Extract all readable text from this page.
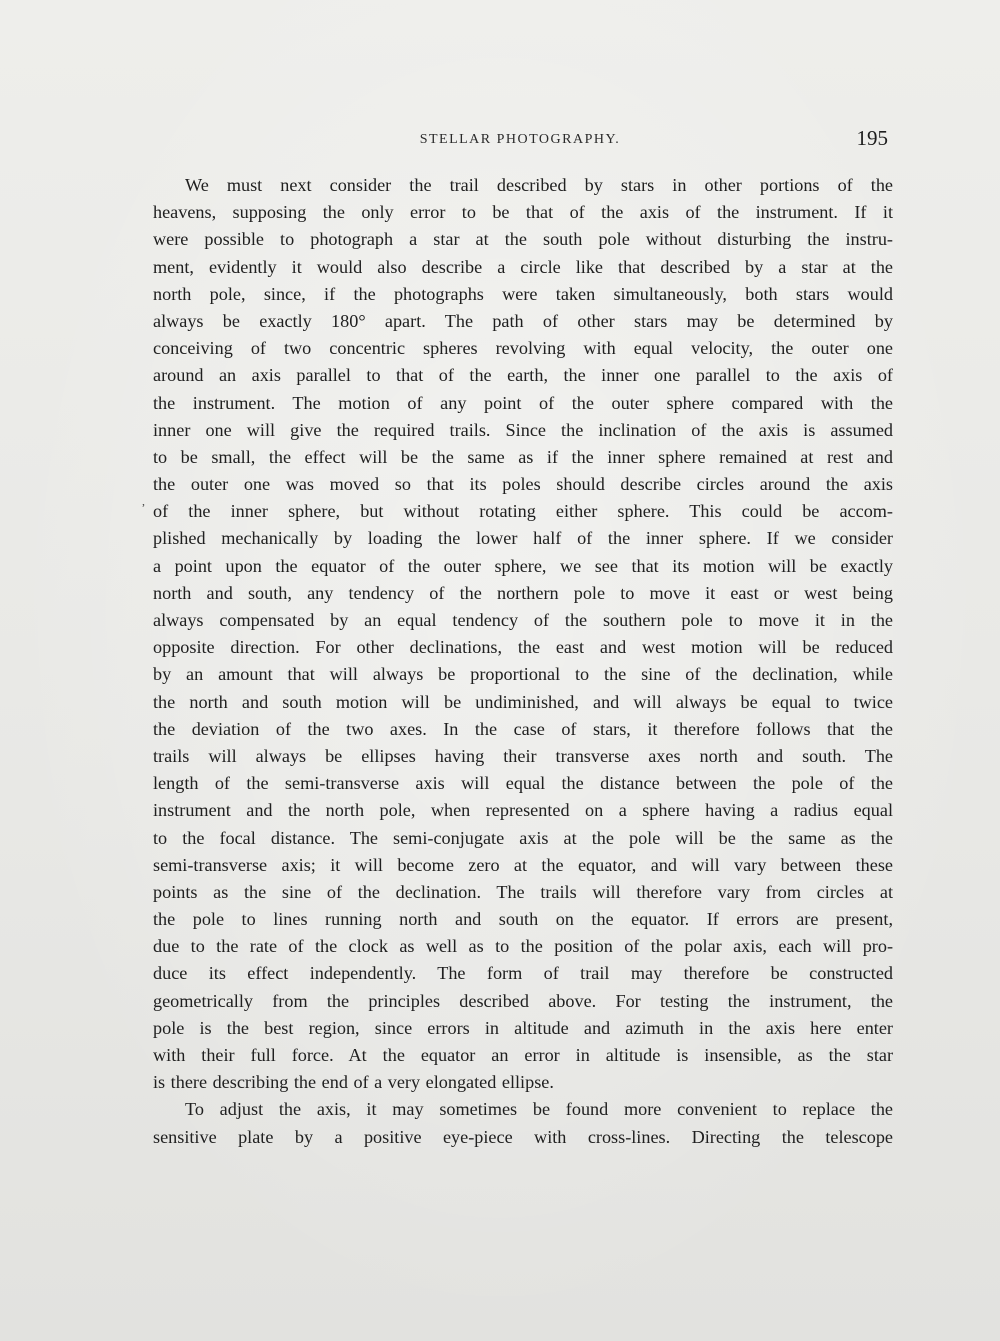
STELLAR PHOTOGRAPHY.	195
,
We must next consider the trail described by stars in other portions of the
heavens, supposing the only error to be that of the axis of the instrument. If it
were possible to photograph a star at the south pole without disturbing the instru-
ment, evidently it would also describe a circle like that described by a star at the
north pole, since, if the photographs were taken simultaneously, both stars would
always be exactly 180° apart. The path of other stars may be determined by
conceiving of two concentric spheres revolving with equal velocity, the outer one
around an axis parallel to that of the earth, the inner one parallel to the axis of
the instrument. The motion of any point of the outer sphere compared with the
inner one will give the required trails. Since the inclination of the axis is assumed
to be small, the effect will be the same as if the inner sphere remained at rest and
the outer one was moved so that its poles should describe circles around the axis
of the inner sphere, but without rotating either sphere. This could be accom-
plished mechanically by loading the lower half of the inner sphere. If we consider
a point upon the equator of the outer sphere, we see that its motion will be exactly
north and south, any tendency of the northern pole to move it east or west being
always compensated by an equal tendency of the southern pole to move it in the
opposite direction. For other declinations, the east and west motion will be reduced
by an amount that will always be proportional to the sine of the declination, while
the north and south motion will be undiminished, and will always be equal to twice
the deviation of the two axes. In the case of stars, it therefore follows that the
trails will always be ellipses having their transverse axes north and south. The
length of the semi-transverse axis will equal the distance between the pole of the
instrument and the north pole, when represented on a sphere having a radius equal
to the focal distance. The semi-conjugate axis at the pole will be the same as the
semi-transverse axis; it will become zero at the equator, and will vary between these
points as the sine of the declination. The trails will therefore vary from circles at
the pole to lines running north and south on the equator. If errors are present,
due to the rate of the clock as well as to the position of the polar axis, each will pro-
duce its effect independently. The form of trail may therefore be constructed
geometrically from the principles described above. For testing the instrument, the
pole is the best region, since errors in altitude and azimuth in the axis here enter
with their full force. At the equator an error in altitude is insensible, as the star
is there describing the end of a very elongated ellipse.
To adjust the axis, it may sometimes be found more convenient to replace the
sensitive plate by a positive eye-piece with cross-lines. Directing the telescope
